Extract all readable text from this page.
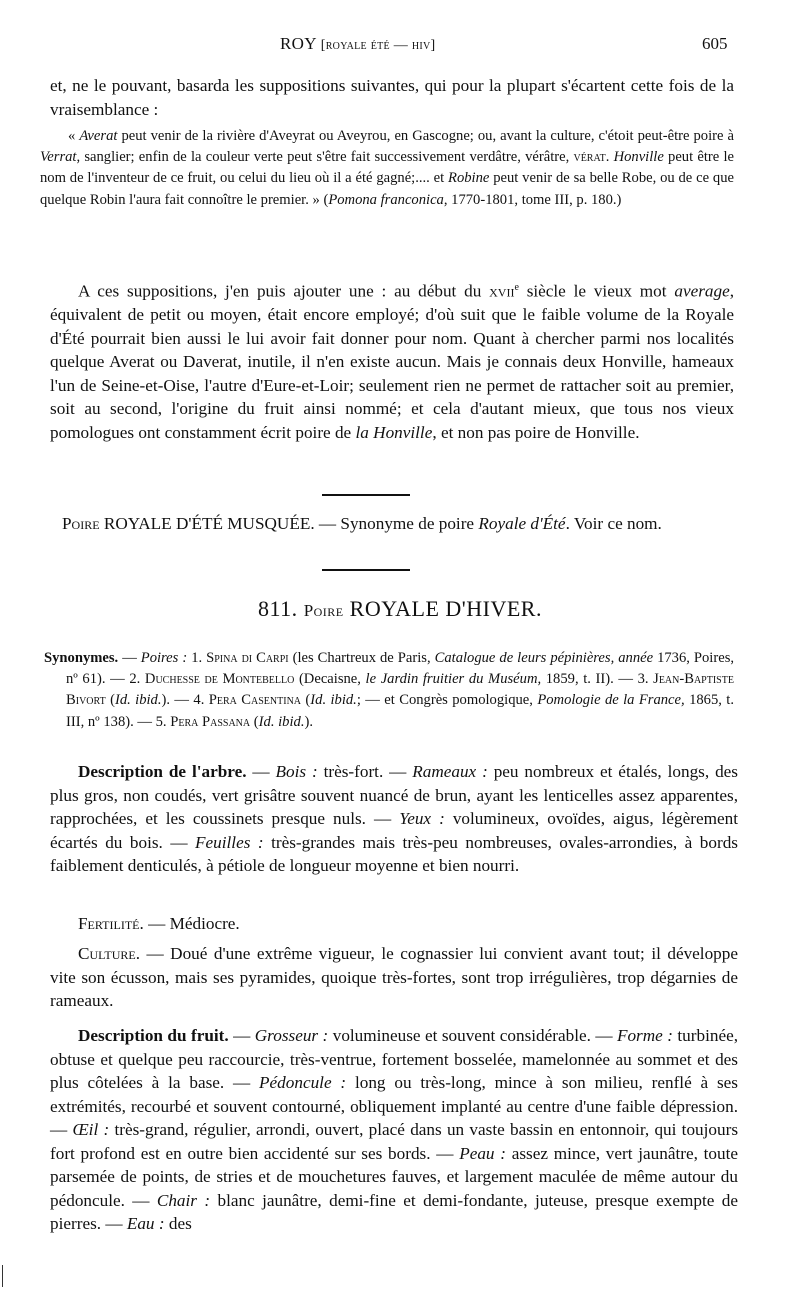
ROY [royale été — hiv]	605

et, ne le pouvant, basarda les suppositions suivantes, qui pour la plupart s'écartent cette fois de la vraisemblance :

« Averat peut venir de la rivière d'Aveyrat ou Aveyrou, en Gascogne; ou, avant la culture, c'étoit peut-être poire à Verrat, sanglier; enfin de la couleur verte peut s'être fait successivement verdâtre, vérâtre, vérat. Honville peut être le nom de l'inventeur de ce fruit, ou celui du lieu où il a été gagné;.... et Robine peut venir de sa belle Robe, ou de ce que quelque Robin l'aura fait connoître le premier. » (Pomona franconica, 1770-1801, tome III, p. 180.)

A ces suppositions, j'en puis ajouter une : au début du xvii$^e$ siècle le vieux mot average, équivalent de petit ou moyen, était encore employé; d'où suit que le faible volume de la Royale d'Été pourrait bien aussi le lui avoir fait donner pour nom. Quant à chercher parmi nos localités quelque Averat ou Daverat, inutile, il n'en existe aucun. Mais je connais deux Honville, hameaux l'un de Seine-et-Oise, l'autre d'Eure-et-Loir; seulement rien ne permet de rattacher soit au premier, soit au second, l'origine du fruit ainsi nommé; et cela d'autant mieux, que tous nos vieux pomologues ont constamment écrit poire de la Honville, et non pas poire de Honville.

Poire ROYALE D'ÉTÉ MUSQUÉE. — Synonyme de poire Royale d'Été. Voir ce nom.

811. Poire ROYALE D'HIVER.

Synonymes. — Poires : 1. Spina di Carpi (les Chartreux de Paris, Catalogue de leurs pépinières, année 1736, Poires, nº 61). — 2. Duchesse de Montebello (Decaisne, le Jardin fruitier du Muséum, 1859, t. II). — 3. Jean-Baptiste Bivort (Id. ibid.). — 4. Pera Casentina (Id. ibid.; — et Congrès pomologique, Pomologie de la France, 1865, t. III, nº 138). — 5. Pera Passana (Id. ibid.).

Description de l'arbre. — Bois : très-fort. — Rameaux : peu nombreux et étalés, longs, des plus gros, non coudés, vert grisâtre souvent nuancé de brun, ayant les lenticelles assez apparentes, rapprochées, et les coussinets presque nuls. — Yeux : volumineux, ovoïdes, aigus, légèrement écartés du bois. — Feuilles : très-grandes mais très-peu nombreuses, ovales-arrondies, à bords faiblement denticulés, à pétiole de longueur moyenne et bien nourri.

Fertilité. — Médiocre.

Culture. — Doué d'une extrême vigueur, le cognassier lui convient avant tout; il développe vite son écusson, mais ses pyramides, quoique très-fortes, sont trop irrégulières, trop dégarnies de rameaux.

Description du fruit. — Grosseur : volumineuse et souvent considérable. — Forme : turbinée, obtuse et quelque peu raccourcie, très-ventrue, fortement bosselée, mamelonnée au sommet et des plus côtelées à la base. — Pédoncule : long ou très-long, mince à son milieu, renflé à ses extrémités, recourbé et souvent contourné, obliquement implanté au centre d'une faible dépression. — Œil : très-grand, régulier, arrondi, ouvert, placé dans un vaste bassin en entonnoir, qui toujours fort profond est en outre bien accidenté sur ses bords. — Peau : assez mince, vert jaunâtre, toute parsemée de points, de stries et de mouchetures fauves, et largement maculée de même autour du pédoncule. — Chair : blanc jaunâtre, demi-fine et demi-fondante, juteuse, presque exempte de pierres. — Eau : des
